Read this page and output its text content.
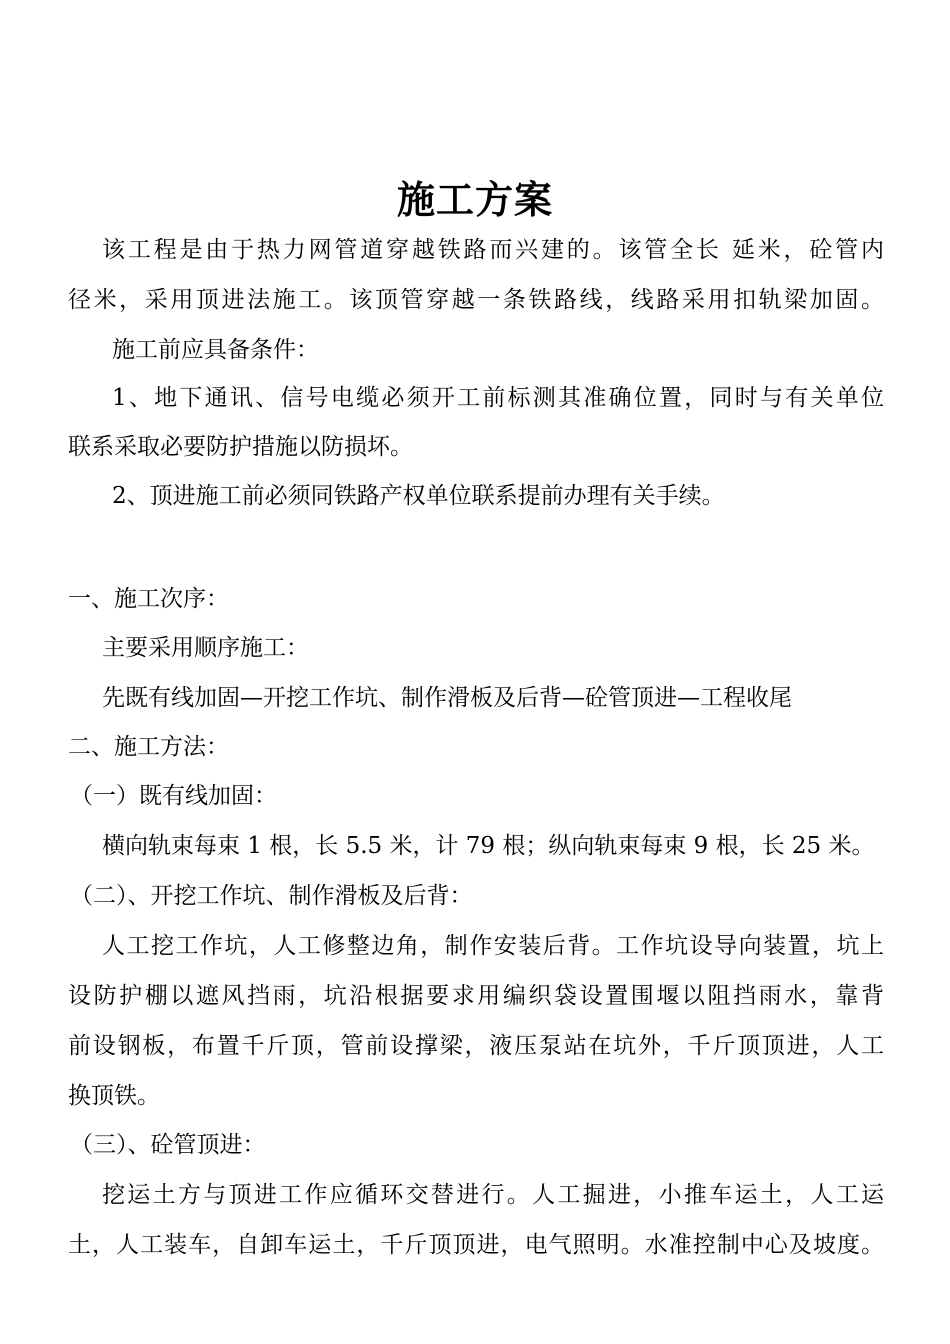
施工方案
该工程是由于热力网管道穿越铁路而兴建的。该管全长 延米，砼管内
径米，采用顶进法施工。该顶管穿越一条铁路线，线路采用扣轨梁加固。
施工前应具备条件：
1、地下通讯、信号电缆必须开工前标测其准确位置，同时与有关单位
联系采取必要防护措施以防损坏。
2、顶进施工前必须同铁路产权单位联系提前办理有关手续。
一、施工次序：
主要采用顺序施工：
先既有线加固—开挖工作坑、制作滑板及后背—砼管顶进—工程收尾
二、施工方法：
（一）既有线加固：
横向轨束每束 1 根，长 5.5 米，计 79 根；纵向轨束每束 9 根，长 25 米。
（二）、开挖工作坑、制作滑板及后背：
人工挖工作坑，人工修整边角，制作安装后背。工作坑设导向装置，坑上
设防护棚以遮风挡雨，坑沿根据要求用编织袋设置围堰以阻挡雨水，靠背
前设钢板，布置千斤顶，管前设撑梁，液压泵站在坑外，千斤顶顶进，人工
换顶铁。
（三）、砼管顶进：
挖运土方与顶进工作应循环交替进行。人工掘进，小推车运土，人工运
土，人工装车，自卸车运土，千斤顶顶进，电气照明。水准控制中心及坡度。
